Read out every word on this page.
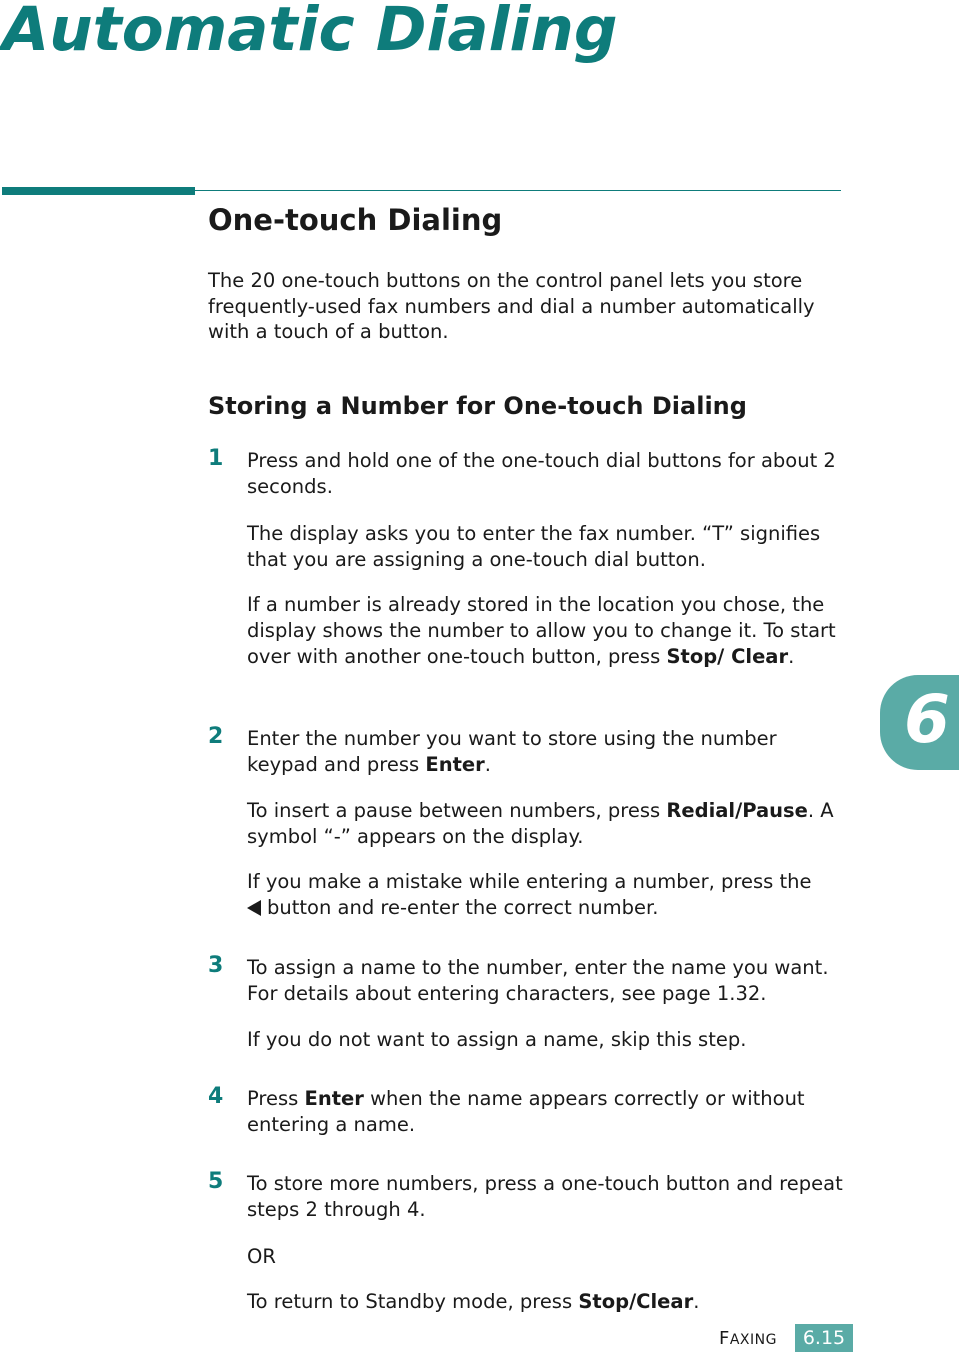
Automatic Dialing
One-touch Dialing
The 20 one-touch buttons on the control panel lets you store frequently-used fax numbers and dial a number automatically with a touch of a button.
Storing a Number for One-touch Dialing
1 Press and hold one of the one-touch dial buttons for about 2 seconds.
The display asks you to enter the fax number. “T” signifies that you are assigning a one-touch dial button.
If a number is already stored in the location you chose, the display shows the number to allow you to change it. To start over with another one-touch button, press Stop/ Clear.
2 Enter the number you want to store using the number keypad and press Enter.
To insert a pause between numbers, press Redial/Pause. A symbol “-” appears on the display.
If you make a mistake while entering a number, press the
button and re-enter the correct number.
3 To assign a name to the number, enter the name you want. For details about entering characters, see page 1.32.
If you do not want to assign a name, skip this step.
4 Press Enter when the name appears correctly or without entering a name.
5 To store more numbers, press a one-touch button and repeat steps 2 through 4.
OR
To return to Standby mode, press Stop/Clear.
6
FAXING	6.15
